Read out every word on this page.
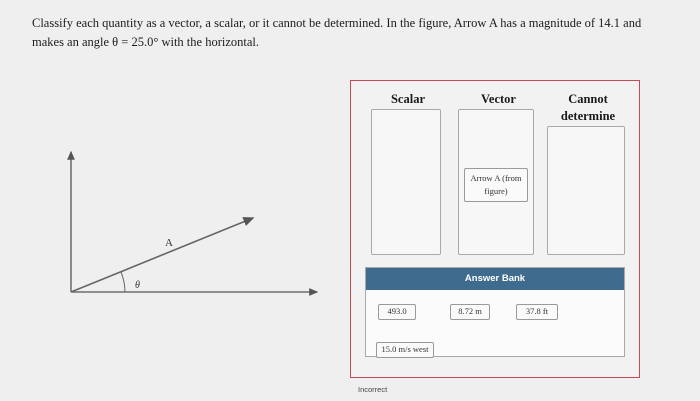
Classify each quantity as a vector, a scalar, or it cannot be determined. In the figure, Arrow A has a magnitude of 14.1 and makes an angle θ = 25.0° with the horizontal.
A
θ
Scalar	Vector	Cannot
determine
Arrow A (from
figure)
Answer Bank
493.0	8.72 m	37.8 ft
15.0 m/s west
Incorrect
